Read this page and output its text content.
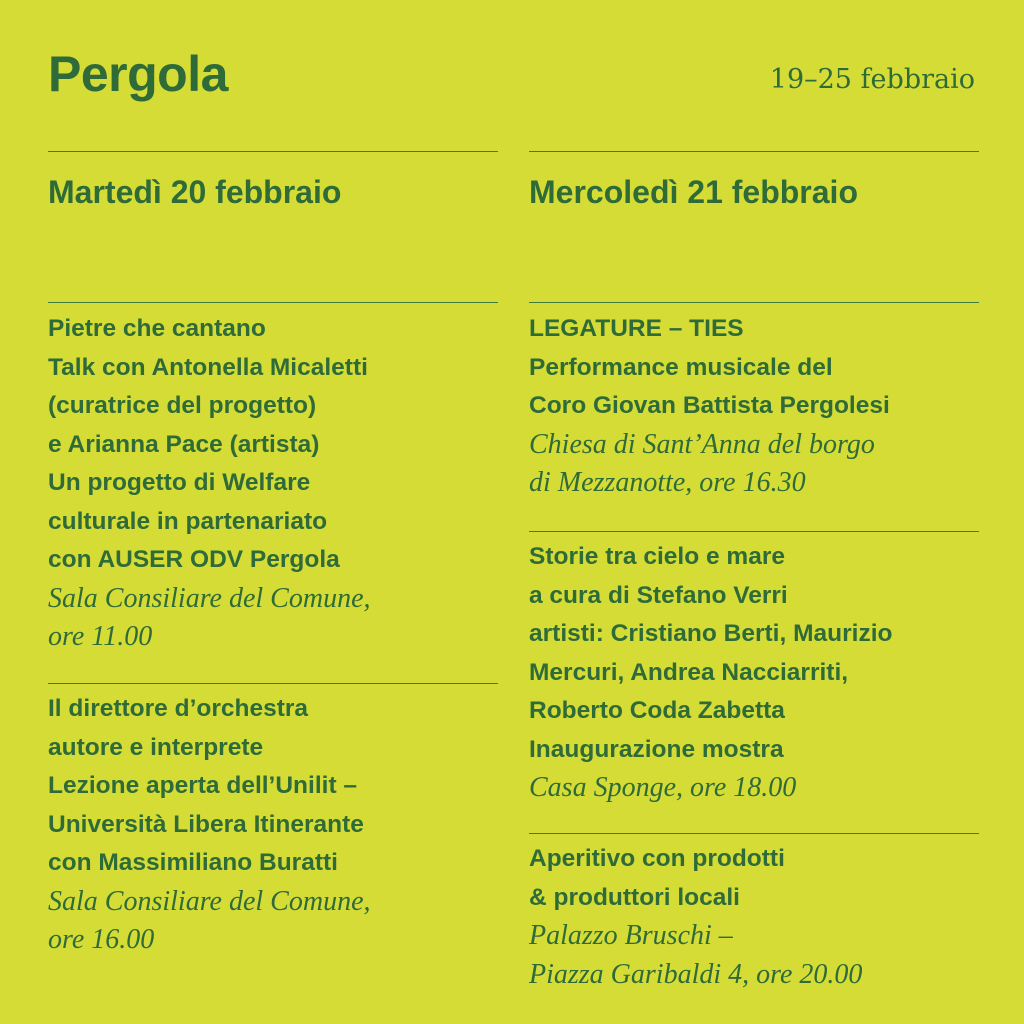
Pergola	19–25 febbraio
Martedì 20 febbraio
Pietre che cantano
Talk con Antonella Micaletti
(curatrice del progetto)
e Arianna Pace (artista)
Un progetto di Welfare
culturale in partenariato
con AUSER ODV Pergola
Sala Consiliare del Comune,
ore 11.00
Il direttore d’orchestra
autore e interprete
Lezione aperta dell’Unilit –
Università Libera Itinerante
con Massimiliano Buratti
Sala Consiliare del Comune,
ore 16.00
Mercoledì 21 febbraio
LEGATURE – TIES
Performance musicale del
Coro Giovan Battista Pergolesi
Chiesa di Sant’Anna del borgo
di Mezzanotte, ore 16.30
Storie tra cielo e mare
a cura di Stefano Verri
artisti: Cristiano Berti, Maurizio
Mercuri, Andrea Nacciarriti,
Roberto Coda Zabetta
Inaugurazione mostra
Casa Sponge, ore 18.00
Aperitivo con prodotti
& produttori locali
Palazzo Bruschi –
Piazza Garibaldi 4, ore 20.00
